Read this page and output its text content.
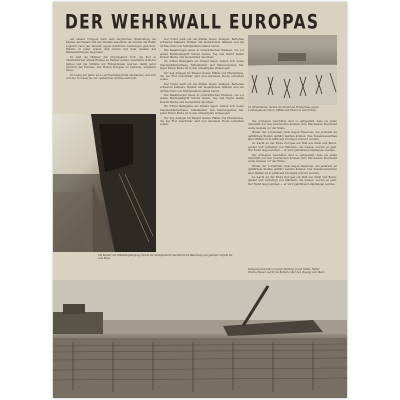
DER WEHRWALL EUROPAS

Als unsere Truppen nach dem siegreichen Westfeldzug die Küsten des Kanals und des Atlantik besetzten, da wurden die Hafen sogleich nach der Abwehr gegen feindliche Landungen gesichert. Bereits in jener ersten Zeit wurde mit dem Ausbau der Küstenstellungen begonnen.

Es sind die Männer der Organisation Todt, die hier in unermüdlicher Arbeit Bunker an Bunker reihen, Geschütze in Beton betten und die Strände mit Hindernissen sperren, damit jeder Versuch des Feindes, den Boden Europas zu betreten, scheitern muss.

Im Laufe der Jahre ist so ein Festungsgürtel entstanden, der sich von der Nordsee bis zur spanischen Grenze erstreckt.

Der Feind weiß um die Stärke dieser Anlagen. Batterien schweren Kalibers, Bunker mit meterdicken Wänden und ein dichtes Netz von Stützpunkten stehen bereit.

Die Besatzungen leben in unterirdischen Räumen, die vor jedem Bombenangriff Schutz bieten. Tag und Nacht halten Posten Wache und beobachten das Meer.

Wo früher Badegäste am Strand lagen, ziehen sich heute Stacheldrahtverhaue, Minenfelder und Panzersperren hin. Jeder Meter Küste ist in den Abwehrplan einbezogen.

Vor den Anlagen im Wasser stehen Pfähle und Hindernisse, die bei Flut unsichtbar sind und landende Boote aufreißen sollen.

Der Feind weiß um die Stärke dieser Anlagen. Batterien schweren Kalibers, Bunker mit meterdicken Wänden und ein dichtes Netz von Stützpunkten stehen bereit.

Die Besatzungen leben in unterirdischen Räumen, die vor jedem Bombenangriff Schutz bieten. Tag und Nacht halten Posten Wache und beobachten das Meer.

Wo früher Badegäste am Strand lagen, ziehen sich heute Stacheldrahtverhaue, Minenfelder und Panzersperren hin. Jeder Meter Küste ist in den Abwehrplan einbezogen.

Vor den Anlagen im Wasser stehen Pfähle und Hindernisse, die bei Flut unsichtbar sind und landende Boote aufreißen sollen.

Im Winterdienst: stehen am Strand die Hindernisse gegen Landungsboote bereit, Pfähle und Eisen bis weit hinaus.

Die schweren Geschütze sind so aufgestellt, dass sie jeden Abschnitt der See bestreichen können. Ihre Reichweite überdeckt weite Gebiete vor der Küste.

Hinter der vordersten Linie liegen Reserven, die jederzeit an gefährdete Stellen geführt werden können. Das Zusammenwirken aller Waffen ist in zahllosen Übungen erprobt worden.

So wacht an der Küste Europas ein Wall aus Stahl und Beton, gebaut und verteidigt von Männern, die wissen, worum es geht. Der Feind mag kommen — er wird gebührend empfangen werden.

Die schweren Geschütze sind so aufgestellt, dass sie jeden Abschnitt der See bestreichen können. Ihre Reichweite überdeckt weite Gebiete vor der Küste.

Hinter der vordersten Linie liegen Reserven, die jederzeit an gefährdete Stellen geführt werden können. Das Zusammenwirken aller Waffen ist in zahllosen Übungen erprobt worden.

So wacht an der Küste Europas ein Wall aus Stahl und Beton, gebaut und verteidigt von Männern, die wissen, worum es geht. Der Feind mag kommen — er wird gebührend empfangen werden.

Ein Bunker der Küstenbefestigung. Durch die Schießscharte überblickt die Besatzung das gesamte Vorfeld bis zum Meer.
Schweres Geschütz in seiner Stellung an der Küste. Hinter Drahtverhauen wacht die Batterie über den Zugang vom Meer.
